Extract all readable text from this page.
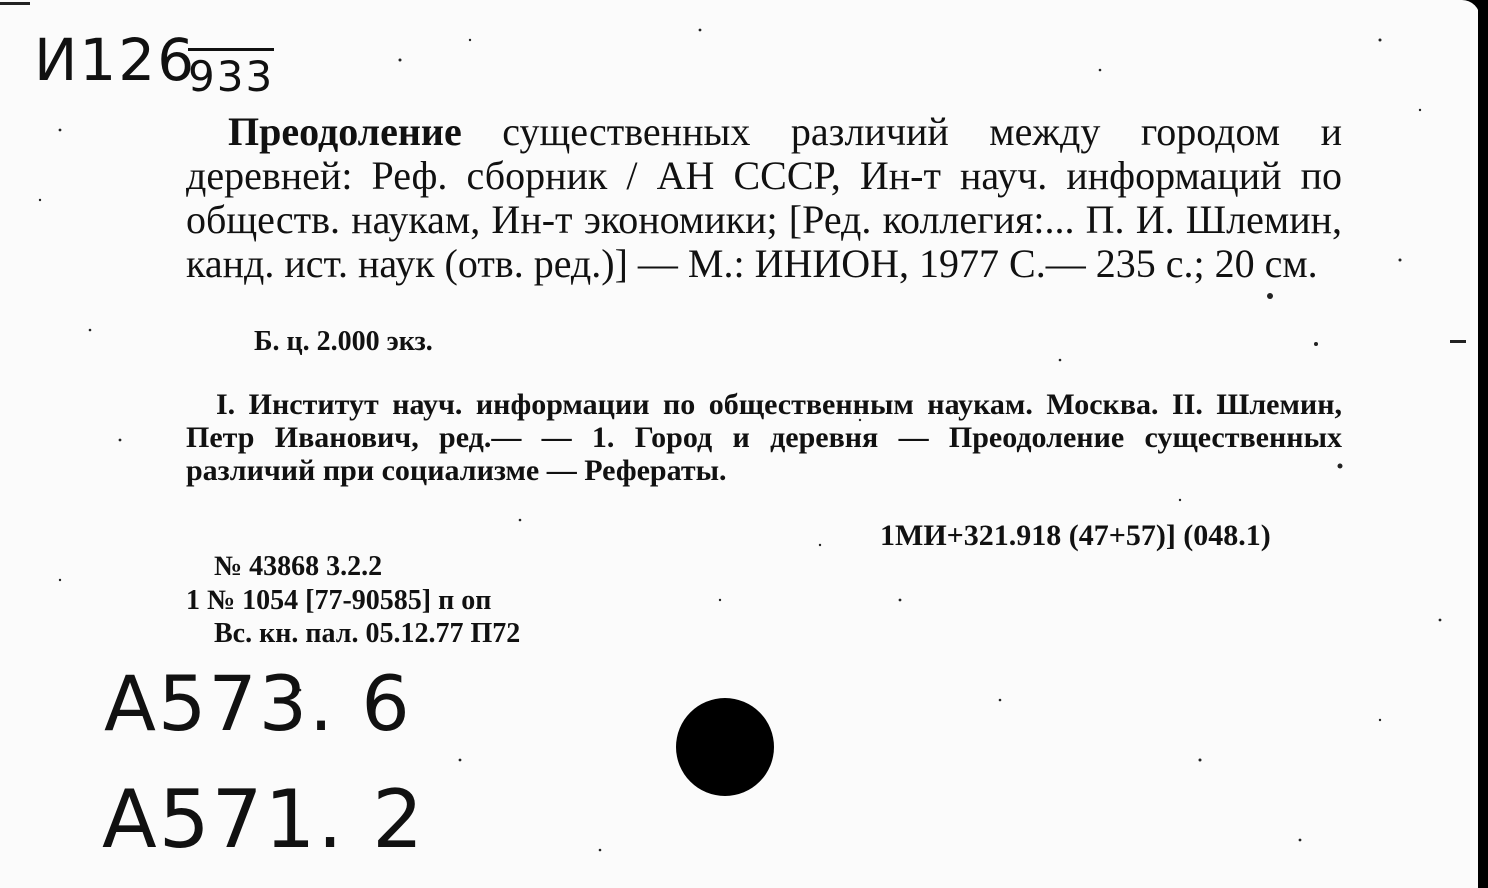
И126
933

Преодоление существенных различий между городом и деревней: Реф. сборник / АН СССР, Ин-т науч. информаций по обществ. наукам, Ин-т экономики; [Ред. коллегия:... П. И. Шлемин, канд. ист. наук (отв. ред.)] — М.: ИНИОН, 1977 С.— 235 с.; 20 см.

Б. ц. 2.000 экз.

I. Институт науч. информации по общественным наукам. Москва. II. Шлемин, Петр Иванович, ред.— — 1. Город и деревня — Преодоление существенных различий при социализме — Рефераты.

1МИ+321.918 (47+57)] (048.1)
№ 43868 3.2.2
1 № 1054 [77-90585] п оп
Вс. кн. пал. 05.12.77 П72
A573. 6
A571. 2
